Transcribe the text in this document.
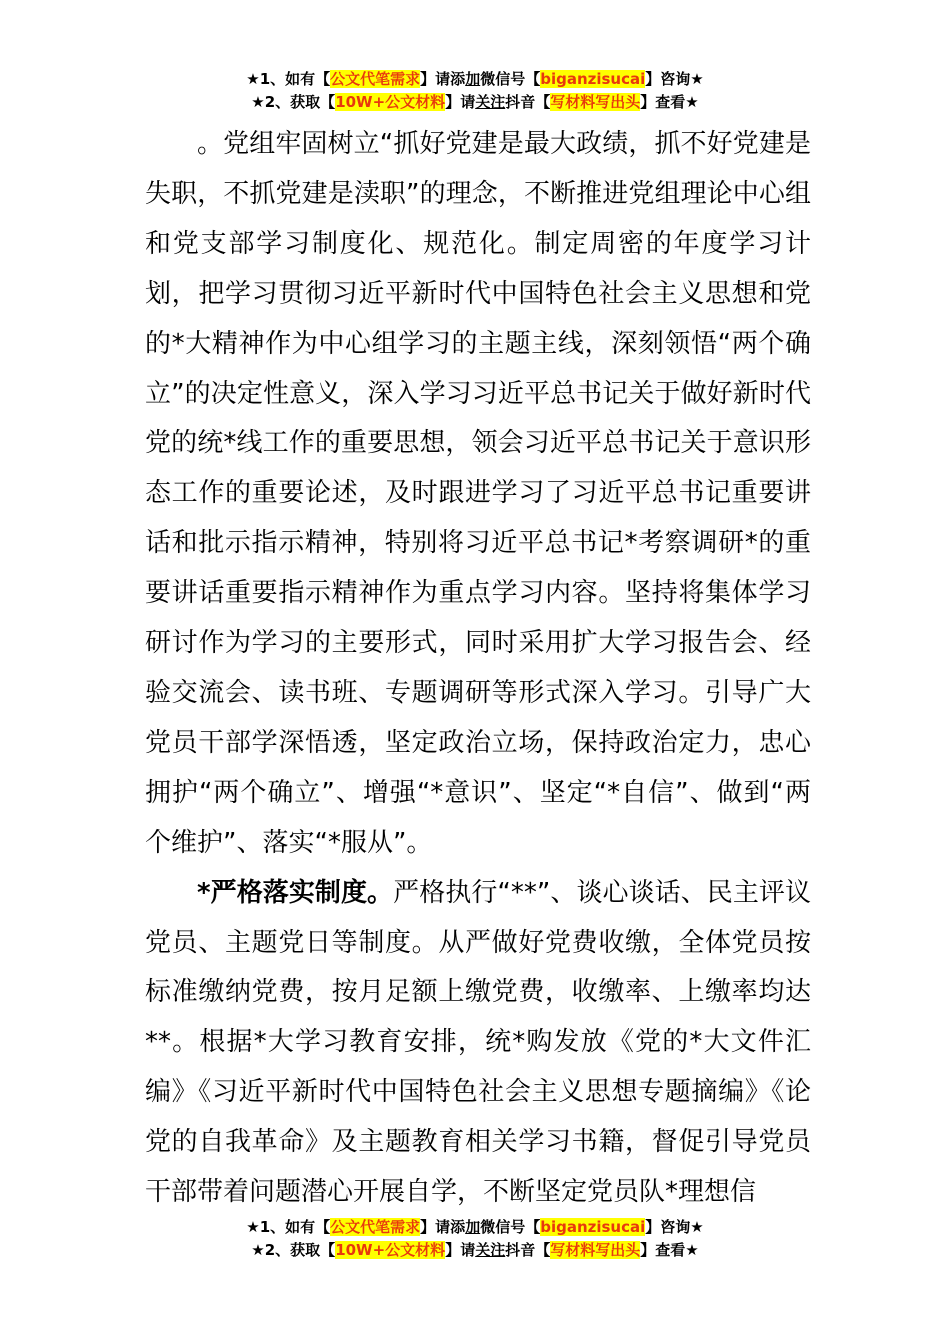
★1、如有【公文代笔需求】请添加微信号【biganzisucai】咨询★
★2、获取【10W+公文材料】请关注抖音【写材料写出头】查看★

。党组牢固树立“抓好党建是最大政绩，抓不好党建是失职，不抓党建是渎职”的理念，不断推进党组理论中心组和党支部学习制度化、规范化。制定周密的年度学习计划，把学习贯彻习近平新时代中国特色社会主义思想和党的*大精神作为中心组学习的主题主线，深刻领悟“两个确立”的决定性意义，深入学习习近平总书记关于做好新时代党的统*线工作的重要思想，领会习近平总书记关于意识形态工作的重要论述，及时跟进学习了习近平总书记重要讲话和批示指示精神，特别将习近平总书记*考察调研*的重要讲话重要指示精神作为重点学习内容。坚持将集体学习研讨作为学习的主要形式，同时采用扩大学习报告会、经验交流会、读书班、专题调研等形式深入学习。引导广大党员干部学深悟透，坚定政治立场，保持政治定力，忠心拥护“两个确立”、增强“*意识”、坚定“*自信”、做到“两个维护”、落实“*服从”。

*严格落实制度。严格执行“**”、谈心谈话、民主评议党员、主题党日等制度。从严做好党费收缴，全体党员按标准缴纳党费，按月足额上缴党费，收缴率、上缴率均达**。根据*大学习教育安排，统*购发放《党的*大文件汇编》《习近平新时代中国特色社会主义思想专题摘编》《论党的自我革命》及主题教育相关学习书籍，督促引导党员干部带着问题潜心开展自学，不断坚定党员队*理想信

★1、如有【公文代笔需求】请添加微信号【biganzisucai】咨询★
★2、获取【10W+公文材料】请关注抖音【写材料写出头】查看★
